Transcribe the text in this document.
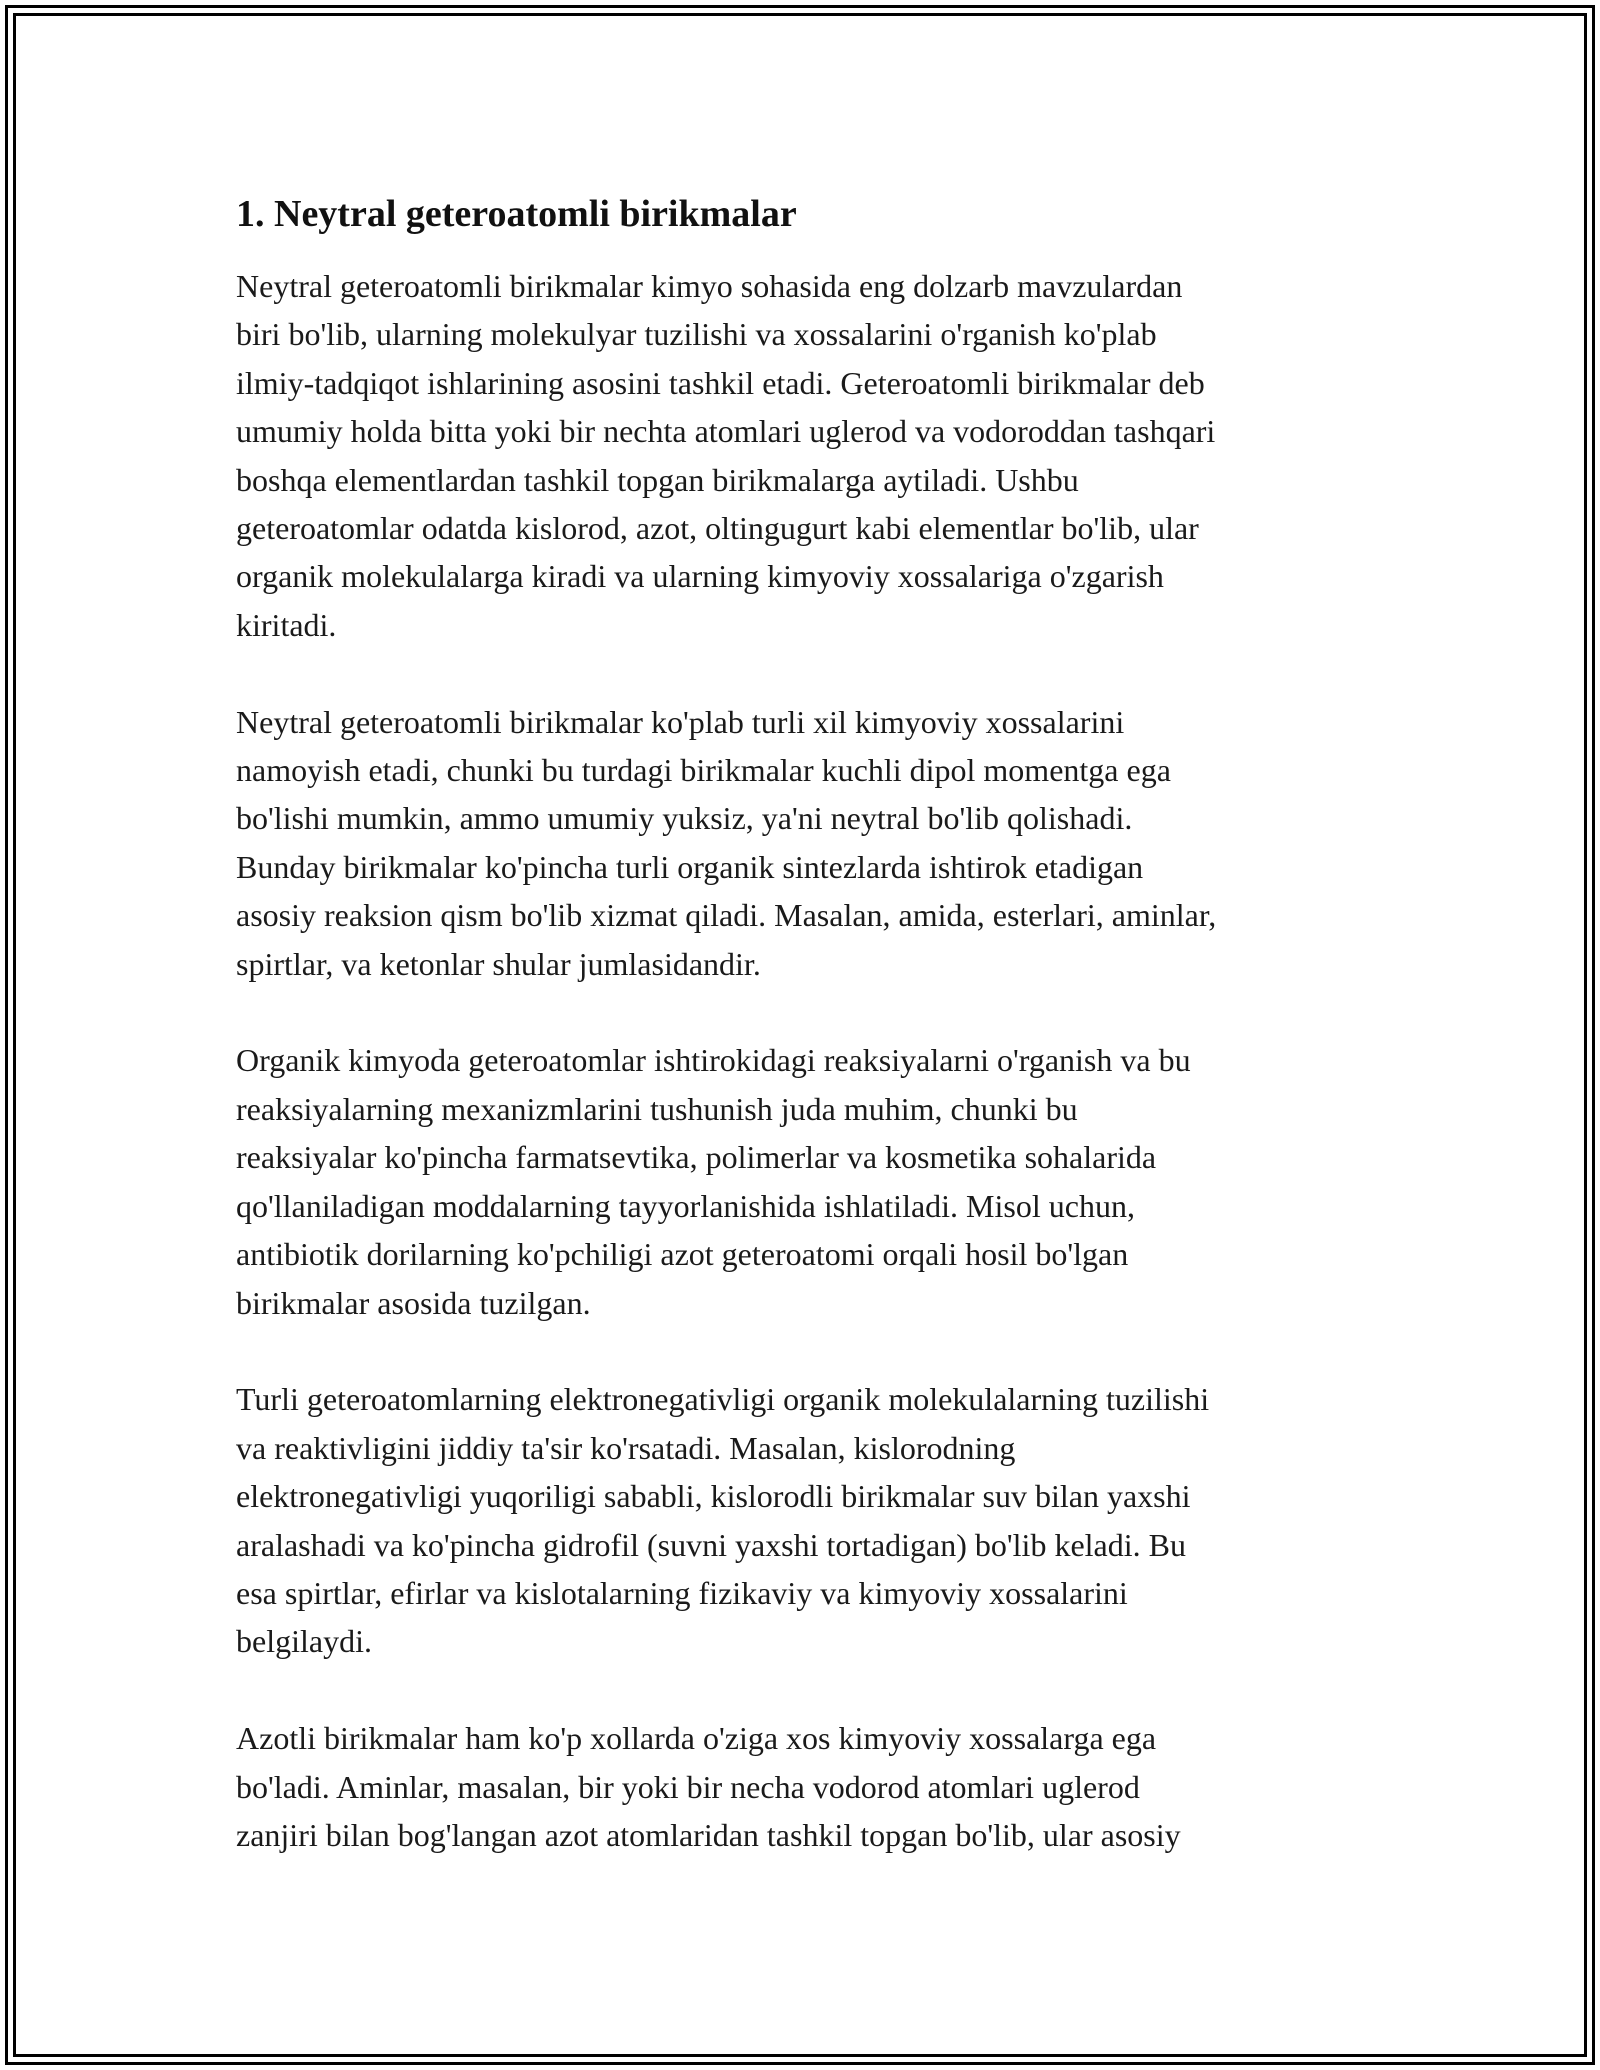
1. Neytral geteroatomli birikmalar

Neytral geteroatomli birikmalar kimyo sohasida eng dolzarb mavzulardan
biri bo'lib, ularning molekulyar tuzilishi va xossalarini o'rganish ko'plab
ilmiy-tadqiqot ishlarining asosini tashkil etadi. Geteroatomli birikmalar deb
umumiy holda bitta yoki bir nechta atomlari uglerod va vodoroddan tashqari
boshqa elementlardan tashkil topgan birikmalarga aytiladi. Ushbu
geteroatomlar odatda kislorod, azot, oltingugurt kabi elementlar bo'lib, ular
organik molekulalarga kiradi va ularning kimyoviy xossalariga o'zgarish
kiritadi.

Neytral geteroatomli birikmalar ko'plab turli xil kimyoviy xossalarini
namoyish etadi, chunki bu turdagi birikmalar kuchli dipol momentga ega
bo'lishi mumkin, ammo umumiy yuksiz, ya'ni neytral bo'lib qolishadi.
Bunday birikmalar ko'pincha turli organik sintezlarda ishtirok etadigan
asosiy reaksion qism bo'lib xizmat qiladi. Masalan, amida, esterlari, aminlar,
spirtlar, va ketonlar shular jumlasidandir.

Organik kimyoda geteroatomlar ishtirokidagi reaksiyalarni o'rganish va bu
reaksiyalarning mexanizmlarini tushunish juda muhim, chunki bu
reaksiyalar ko'pincha farmatsevtika, polimerlar va kosmetika sohalarida
qo'llaniladigan moddalarning tayyorlanishida ishlatiladi. Misol uchun,
antibiotik dorilarning ko'pchiligi azot geteroatomi orqali hosil bo'lgan
birikmalar asosida tuzilgan.

Turli geteroatomlarning elektronegativligi organik molekulalarning tuzilishi
va reaktivligini jiddiy ta'sir ko'rsatadi. Masalan, kislorodning
elektronegativligi yuqoriligi sababli, kislorodli birikmalar suv bilan yaxshi
aralashadi va ko'pincha gidrofil (suvni yaxshi tortadigan) bo'lib keladi. Bu
esa spirtlar, efirlar va kislotalarning fizikaviy va kimyoviy xossalarini
belgilaydi.

Azotli birikmalar ham ko'p xollarda o'ziga xos kimyoviy xossalarga ega
bo'ladi. Aminlar, masalan, bir yoki bir necha vodorod atomlari uglerod
zanjiri bilan bog'langan azot atomlaridan tashkil topgan bo'lib, ular asosiy
